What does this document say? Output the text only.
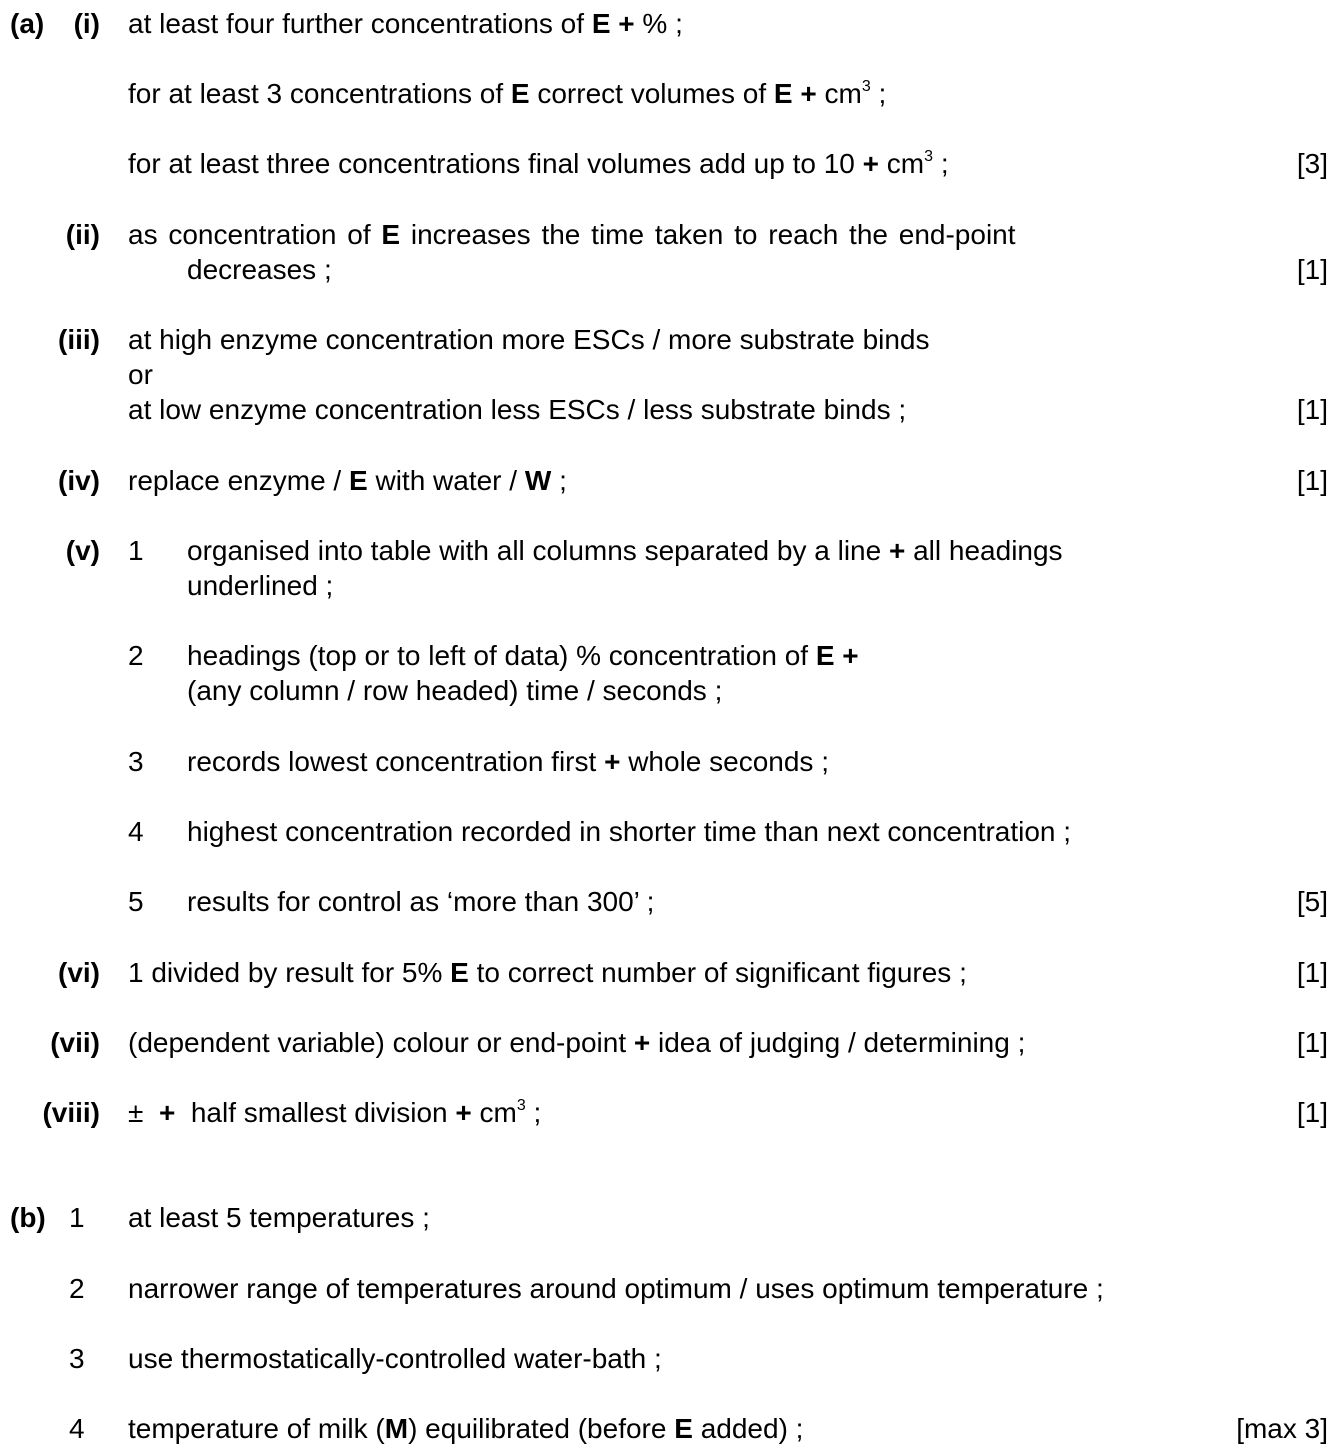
(a) (i) at least four further concentrations of E + % ;
for at least 3 concentrations of E correct volumes of $E + cm^3$ ;
for at least three concentrations final volumes add up to $10 + cm^3$ ;	[3]
(ii) as concentration of E increases the time taken to reach the end-point
decreases ;	[1]
(iii) at high enzyme concentration more ESCs / more substrate binds
or
at low enzyme concentration less ESCs / less substrate binds ;	[1]
(iv) replace enzyme / E with water / W ;	[1]
(v) 1 organised into table with all columns separated by a line + all headings
underlined ;
2 headings (top or to left of data) % concentration of E +
(any column / row headed) time / seconds ;
3 records lowest concentration first + whole seconds ;
4 highest concentration recorded in shorter time than next concentration ;
5 results for control as ‘more than 300’ ;	[5]
(vi) 1 divided by result for 5% E to correct number of significant figures ;	[1]
(vii) (dependent variable) colour or end-point + idea of judging / determining ;	[1]
(viii) ±  +  half smallest division + $cm^3$ ;	[1]
(b) 1 at least 5 temperatures ;
2 narrower range of temperatures around optimum / uses optimum temperature ;
3 use thermostatically-controlled water-bath ;
4 temperature of milk (M) equilibrated (before E added) ;	[max 3]
